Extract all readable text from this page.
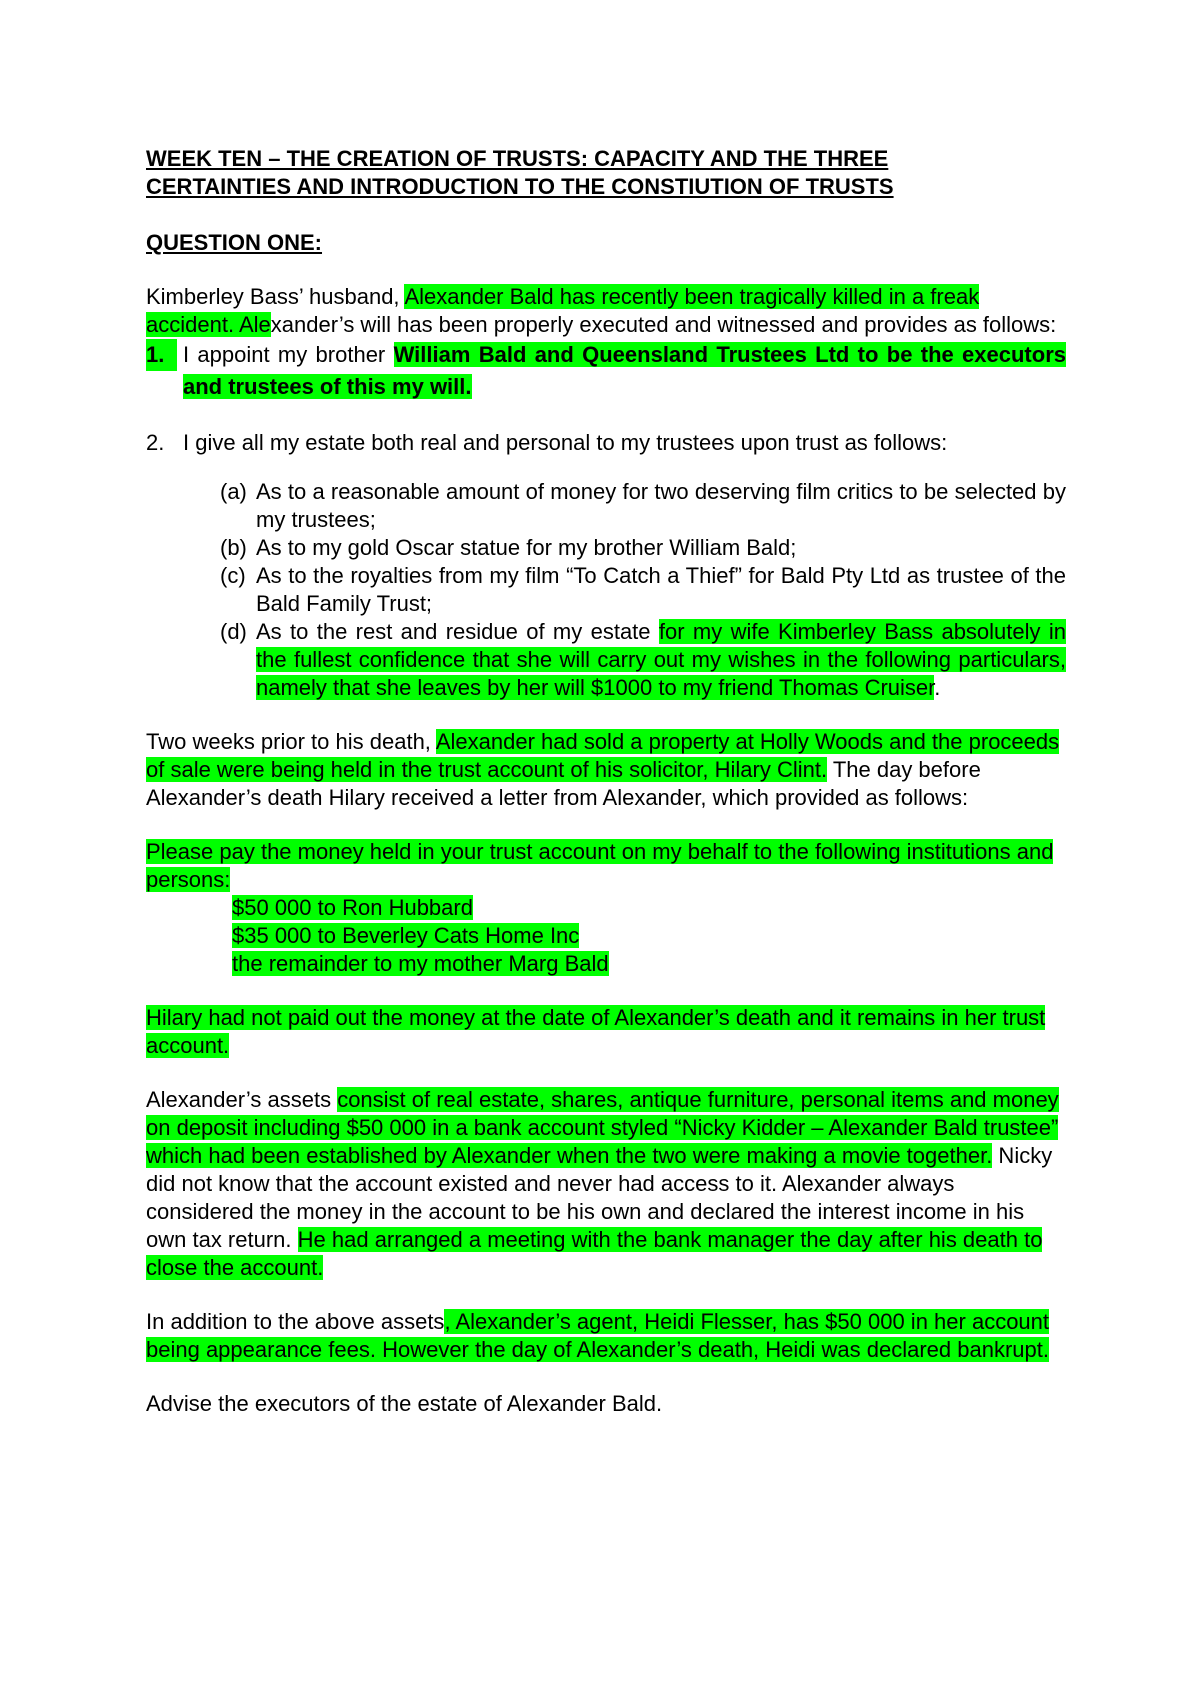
WEEK TEN – THE CREATION OF TRUSTS: CAPACITY AND THE THREE
CERTAINTIES AND INTRODUCTION TO THE CONSTIUTION OF TRUSTS

QUESTION ONE:

Kimberley Bass’ husband, Alexander Bald has recently been tragically killed in a freak accident. Alexander’s will has been properly executed and witnessed and provides as follows:

1. I appoint my brother William Bald and Queensland Trustees Ltd to be the executors and trustees of this my will.
2. I give all my estate both real and personal to my trustees upon trust as follows:
(a) As to a reasonable amount of money for two deserving film critics to be selected by my trustees;
(b) As to my gold Oscar statue for my brother William Bald;
(c) As to the royalties from my film “To Catch a Thief” for Bald Pty Ltd as trustee of the Bald Family Trust;
(d) As to the rest and residue of my estate for my wife Kimberley Bass absolutely in the fullest confidence that she will carry out my wishes in the following particulars, namely that she leaves by her will $1000 to my friend Thomas Cruiser.

Two weeks prior to his death, Alexander had sold a property at Holly Woods and the proceeds of sale were being held in the trust account of his solicitor, Hilary Clint. The day before Alexander’s death Hilary received a letter from Alexander, which provided as follows:

Please pay the money held in your trust account on my behalf to the following institutions and persons:

$50 000 to Ron Hubbard

$35 000 to Beverley Cats Home Inc

the remainder to my mother Marg Bald

Hilary had not paid out the money at the date of Alexander’s death and it remains in her trust account.

Alexander’s assets consist of real estate, shares, antique furniture, personal items and money on deposit including $50 000 in a bank account styled “Nicky Kidder – Alexander Bald trustee” which had been established by Alexander when the two were making a movie together. Nicky did not know that the account existed and never had access to it. Alexander always considered the money in the account to be his own and declared the interest income in his own tax return. He had arranged a meeting with the bank manager the day after his death to close the account.

In addition to the above assets, Alexander’s agent, Heidi Flesser, has $50 000 in her account being appearance fees. However the day of Alexander’s death, Heidi was declared bankrupt.

Advise the executors of the estate of Alexander Bald.
